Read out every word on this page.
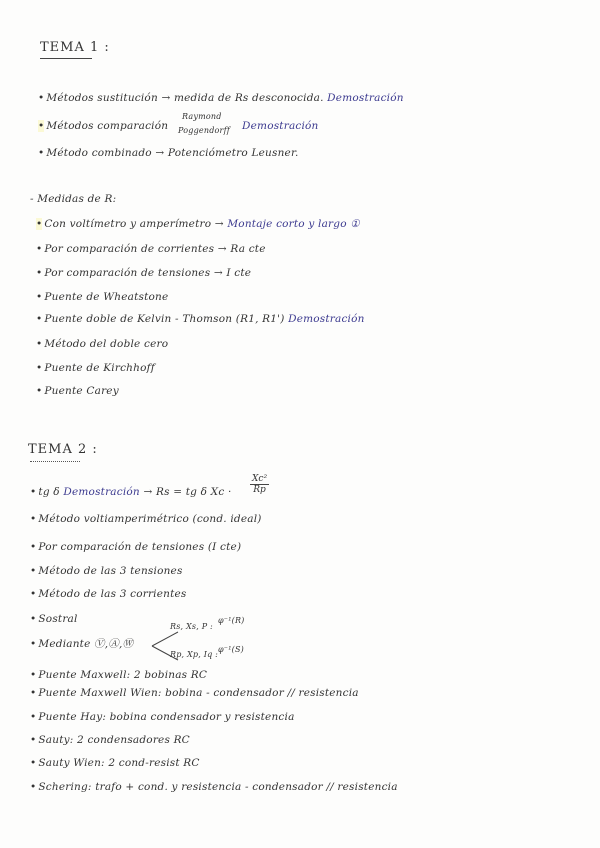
TEMA 1 :
• Métodos sustitución → medida de Rs desconocida. Demostración
• Métodos comparación
Raymond
Poggendorff Demostración
• Método combinado → Potenciómetro Leusner.
- Medidas de R:
• Con voltímetro y amperímetro → Montaje corto y largo ①
• Por comparación de corrientes → Ra cte
• Por comparación de tensiones → I cte
• Puente de Wheatstone
• Puente doble de Kelvin - Thomson (R1, R1') Demostración
• Método del doble cero
• Puente de Kirchhoff
• Puente Carey
TEMA 2 :
• tg δ Demostración → Rs = tg δ $Xc \cdot \frac{\text{Xc²}}{Rp}$
• Método voltiamperimétrico (cond. ideal)
• Por comparación de tensiones (I cte)
• Método de las 3 tensiones
• Método de las 3 corrientes
• Sostral
• Mediante Ⓥ,Ⓐ,Ⓦ
Rs, Xs, P :
φ⁻¹(R)
Rp, Xp, Iq :
φ⁻¹(S)
• Puente Maxwell: 2 bobinas RC
• Puente Maxwell Wien: bobina - condensador // resistencia
• Puente Hay: bobina condensador y resistencia
• Sauty: 2 condensadores RC
• Sauty Wien: 2 cond-resist RC
• Schering: trafo + cond. y resistencia - condensador // resistencia
